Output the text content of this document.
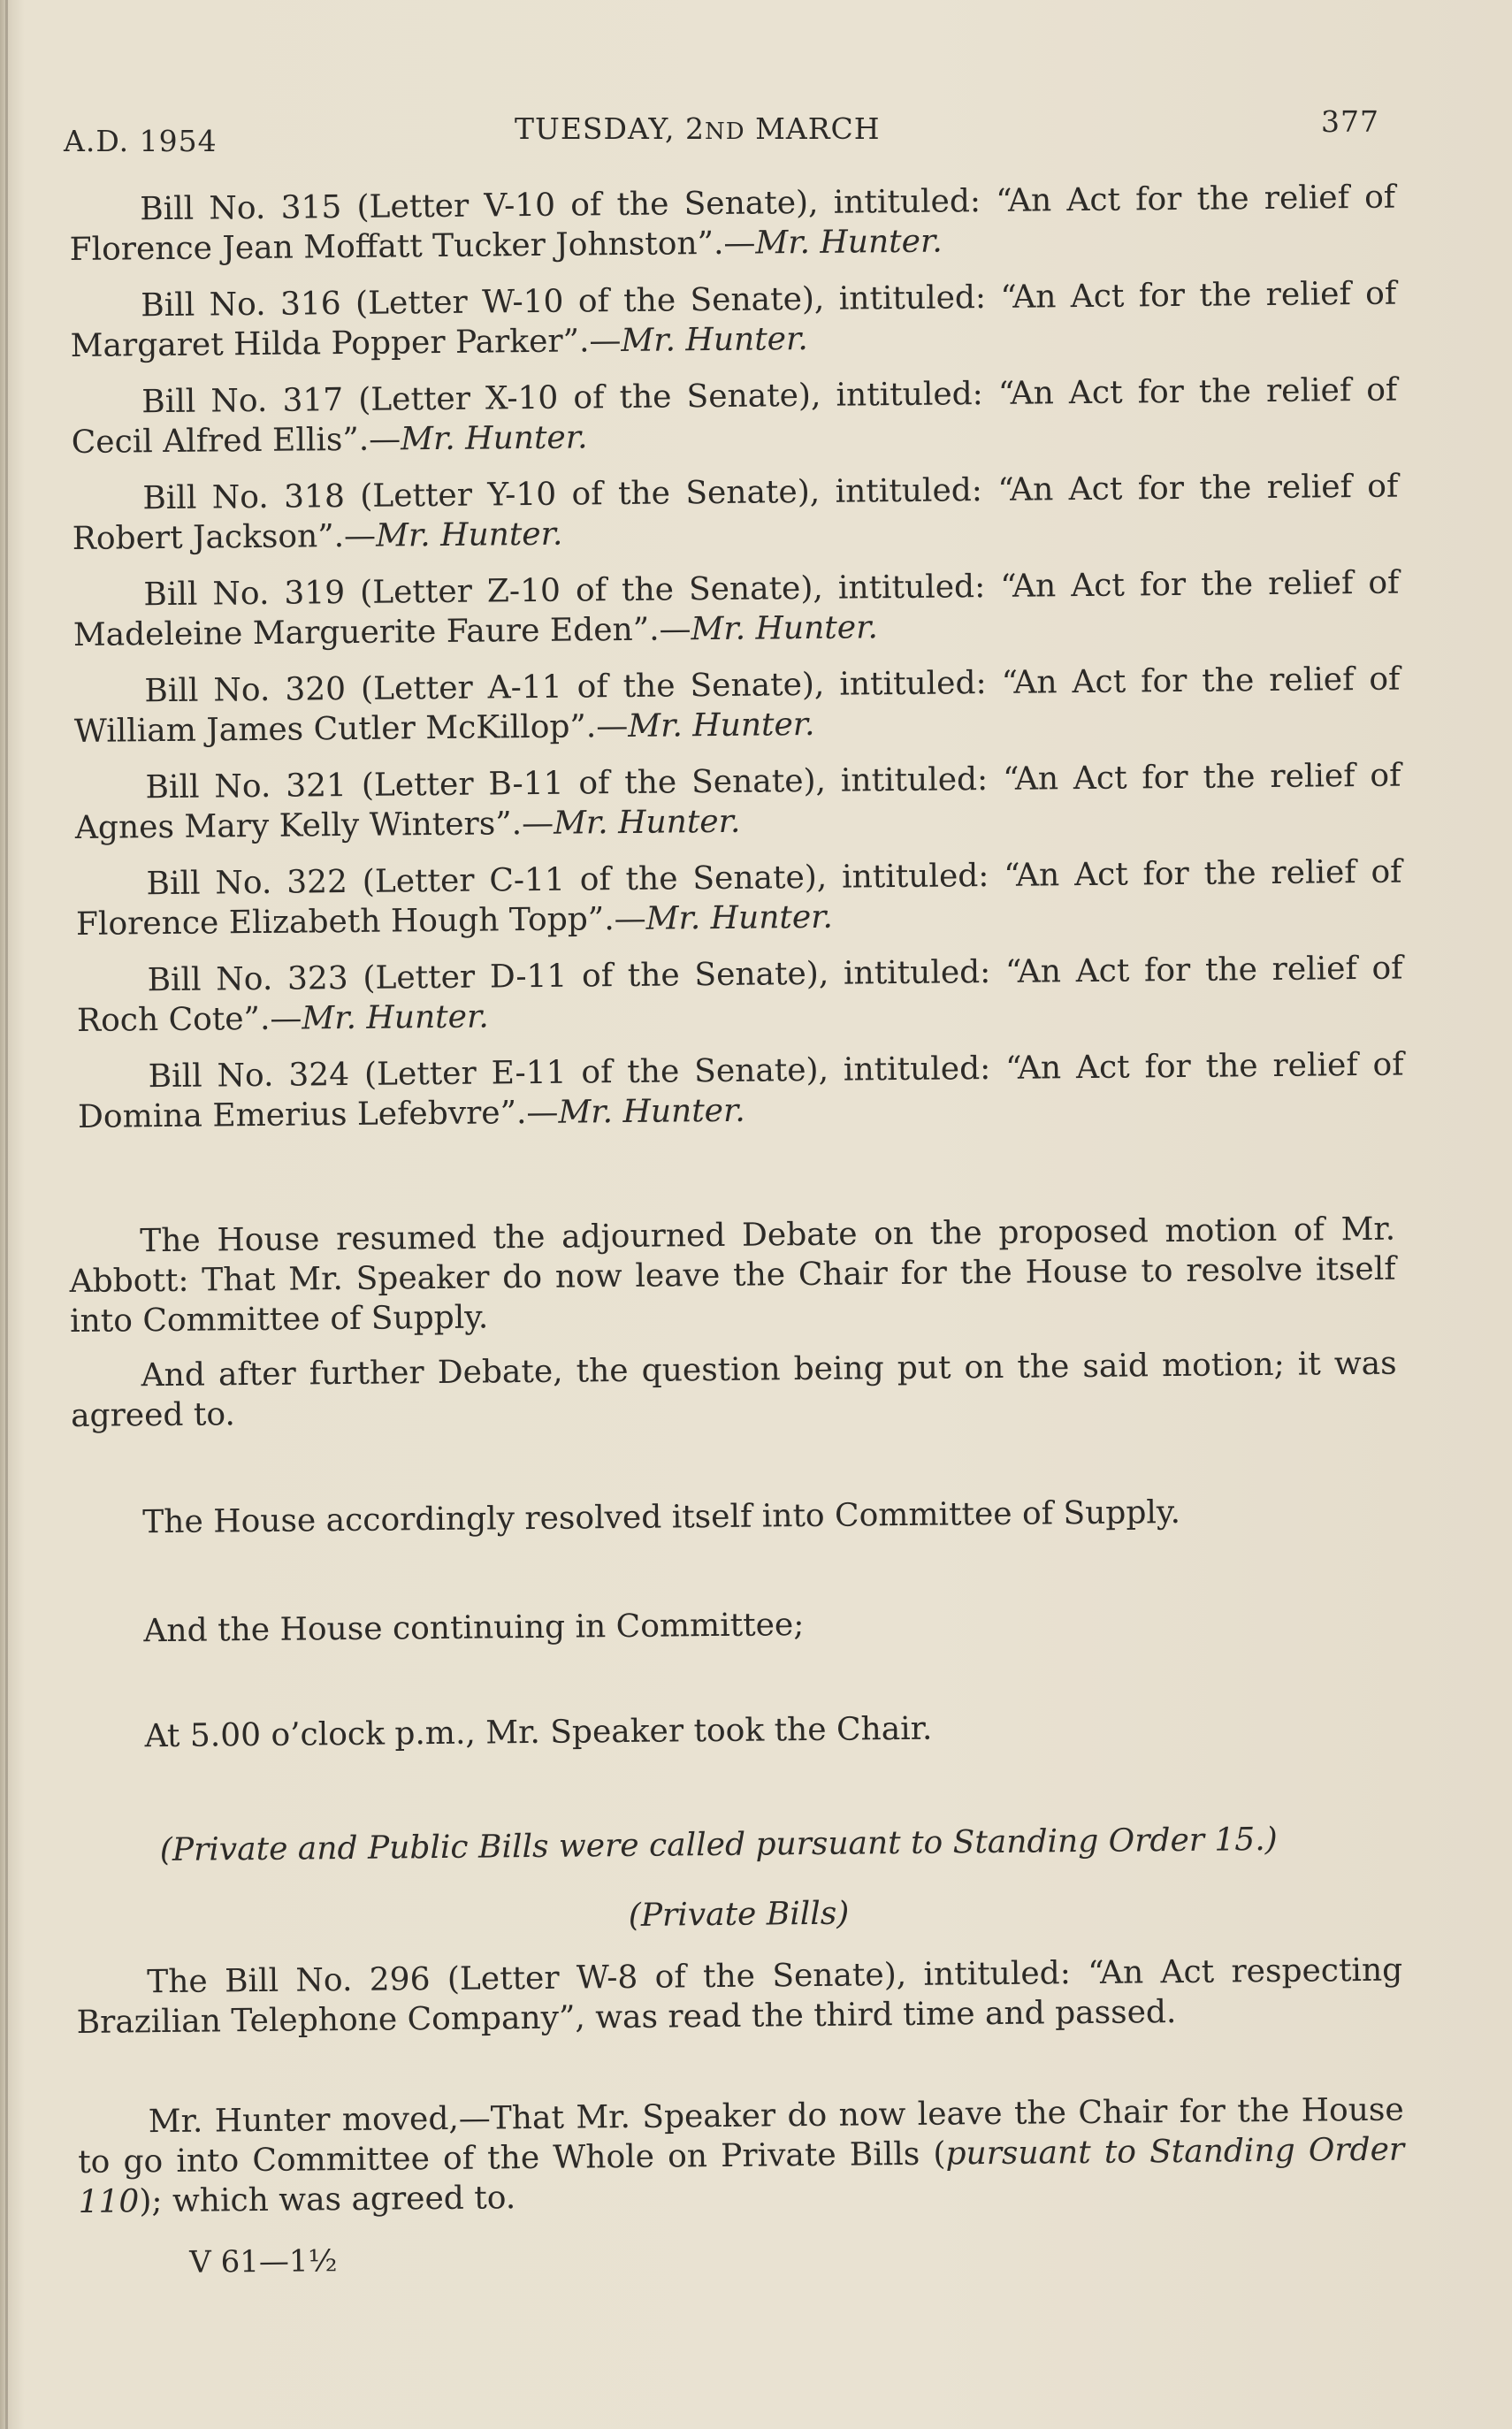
A.D. 1954	TUESDAY, 2ND MARCH	377

Bill No. 315 (Letter V-10 of the Senate), intituled: “An Act for the relief of Florence Jean Moffatt Tucker Johnston”.—Mr. Hunter.

Bill No. 316 (Letter W-10 of the Senate), intituled: “An Act for the relief of Margaret Hilda Popper Parker”.—Mr. Hunter.

Bill No. 317 (Letter X-10 of the Senate), intituled: “An Act for the relief of Cecil Alfred Ellis”.—Mr. Hunter.

Bill No. 318 (Letter Y-10 of the Senate), intituled: “An Act for the relief of Robert Jackson”.—Mr. Hunter.

Bill No. 319 (Letter Z-10 of the Senate), intituled: “An Act for the relief of Madeleine Marguerite Faure Eden”.—Mr. Hunter.

Bill No. 320 (Letter A-11 of the Senate), intituled: “An Act for the relief of William James Cutler McKillop”.—Mr. Hunter.

Bill No. 321 (Letter B-11 of the Senate), intituled: “An Act for the relief of Agnes Mary Kelly Winters”.—Mr. Hunter.

Bill No. 322 (Letter C-11 of the Senate), intituled: “An Act for the relief of Florence Elizabeth Hough Topp”.—Mr. Hunter.

Bill No. 323 (Letter D-11 of the Senate), intituled: “An Act for the relief of Roch Cote”.—Mr. Hunter.

Bill No. 324 (Letter E-11 of the Senate), intituled: “An Act for the relief of Domina Emerius Lefebvre”.—Mr. Hunter.

The House resumed the adjourned Debate on the proposed motion of Mr. Abbott: That Mr. Speaker do now leave the Chair for the House to resolve itself into Committee of Supply.

And after further Debate, the question being put on the said motion; it was agreed to.

The House accordingly resolved itself into Committee of Supply.
And the House continuing in Committee;
At 5.00 o’clock p.m., Mr. Speaker took the Chair.
(Private and Public Bills were called pursuant to Standing Order 15.)
(Private Bills)

The Bill No. 296 (Letter W-8 of the Senate), intituled: “An Act respecting Brazilian Telephone Company”, was read the third time and passed.

Mr. Hunter moved,—That Mr. Speaker do now leave the Chair for the House to go into Committee of the Whole on Private Bills (pursuant to Standing Order 110); which was agreed to.

V 61—1½
